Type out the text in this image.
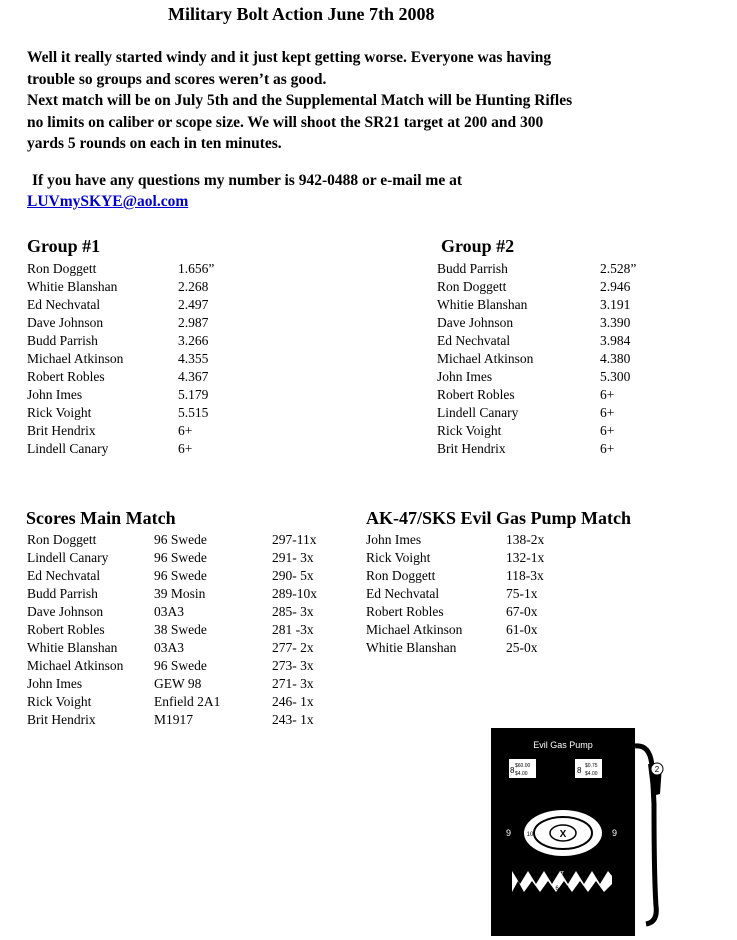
Military Bolt Action June 7th 2008

Well it really started windy and it just kept getting worse. Everyone was having

trouble so groups and scores weren’t as good.

Next match will be on July 5th and the Supplemental Match will be Hunting Rifles

no limits on caliber or scope size. We will shoot the SR21 target at 200 and 300

yards 5 rounds on each in ten minutes.

If you have any questions my number is 942-0488 or e-mail me at
LUVmySKYE@aol.com
Group #1
Ron Doggett	1.656”
Whitie Blanshan	2.268
Ed Nechvatal	2.497
Dave Johnson	2.987
Budd Parrish	3.266
Michael Atkinson	4.355
Robert Robles	4.367
John Imes	5.179
Rick Voight	5.515
Brit Hendrix	6+
Lindell Canary	6+
Group #2
Budd Parrish	2.528”
Ron Doggett	2.946
Whitie Blanshan	3.191
Dave Johnson	3.390
Ed Nechvatal	3.984
Michael Atkinson	4.380
John Imes	5.300
Robert Robles	6+
Lindell Canary	6+
Rick Voight	6+
Brit Hendrix	6+
Scores Main Match
Ron Doggett	96 Swede	297-11x
Lindell Canary	96 Swede	291- 3x
Ed Nechvatal	96 Swede	290- 5x
Budd Parrish	39 Mosin	289-10x
Dave Johnson	03A3	285- 3x
Robert Robles	38 Swede	281 -3x
Whitie Blanshan	03A3	277- 2x
Michael Atkinson 96 Swede	273- 3x
John Imes	GEW 98	271- 3x
Rick Voight	Enfield 2A1	246- 1x
Brit Hendrix	M1917	243- 1x
AK-47/SKS Evil Gas Pump Match
John Imes	138-2x
Rick Voight	132-1x
Ron Doggett	118-3x
Ed Nechvatal	75-1x
Robert Robles	67-0x
Michael Atkinson	61-0x
Whitie Blanshan	25-0x
Evil Gas Pump
$60.00
$4.00
8	$0.75
$4.00
8	2
9	9
X
10
7
6 6 6
